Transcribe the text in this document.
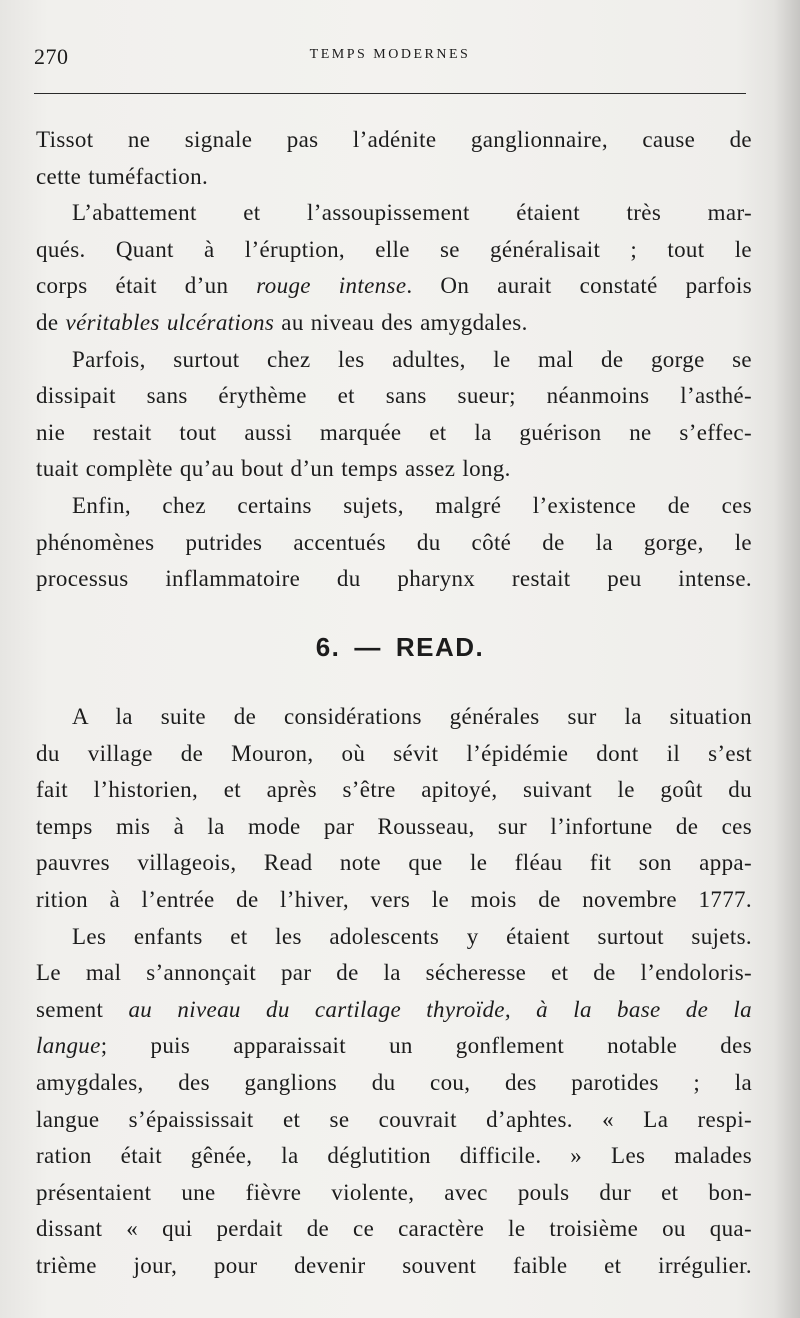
270	TEMPS MODERNES
Tissot ne signale pas l’adénite ganglionnaire, cause de
cette tuméfaction.
L’abattement et l’assoupissement étaient très mar-
qués. Quant à l’éruption, elle se généralisait ; tout le
corps était d’un rouge intense. On aurait constaté parfois
de véritables ulcérations au niveau des amygdales.
Parfois, surtout chez les adultes, le mal de gorge se
dissipait sans érythème et sans sueur; néanmoins l’asthé-
nie restait tout aussi marquée et la guérison ne s’effec-
tuait complète qu’au bout d’un temps assez long.
Enfin, chez certains sujets, malgré l’existence de ces
phénomènes putrides accentués du côté de la gorge, le
processus inflammatoire du pharynx restait peu intense.
6. — READ.
A la suite de considérations générales sur la situation
du village de Mouron, où sévit l’épidémie dont il s’est
fait l’historien, et après s’être apitoyé, suivant le goût du
temps mis à la mode par Rousseau, sur l’infortune de ces
pauvres villageois, Read note que le fléau fit son appa-
rition à l’entrée de l’hiver, vers le mois de novembre 1777.
Les enfants et les adolescents y étaient surtout sujets.
Le mal s’annonçait par de la sécheresse et de l’endoloris-
sement au niveau du cartilage thyroïde, à la base de la
langue; puis apparaissait un gonflement notable des
amygdales, des ganglions du cou, des parotides ; la
langue s’épaississait et se couvrait d’aphtes. « La respi-
ration était gênée, la déglutition difficile. » Les malades
présentaient une fièvre violente, avec pouls dur et bon-
dissant « qui perdait de ce caractère le troisième ou qua-
trième jour, pour devenir souvent faible et irrégulier.
